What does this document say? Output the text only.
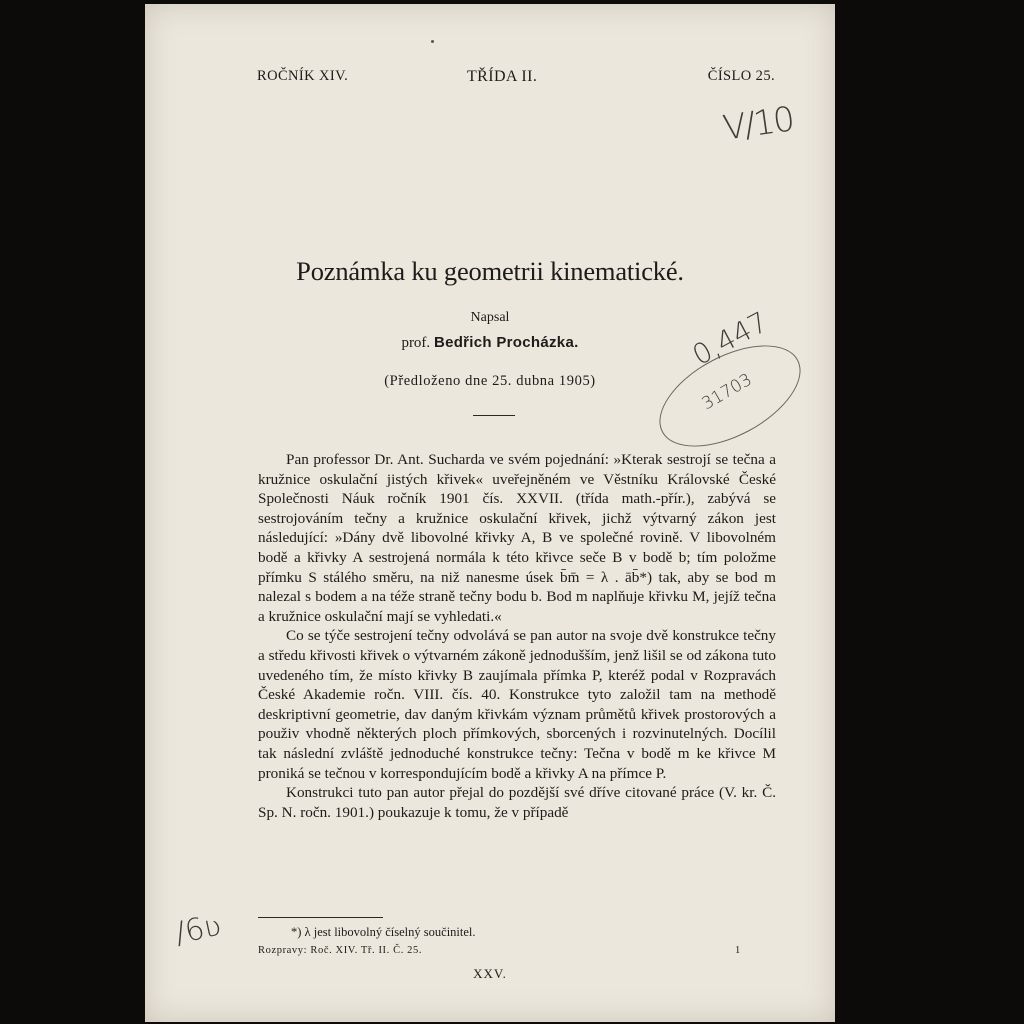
ROČNÍK XIV.	TŘÍDA II.	ČÍSLO 25.
V/10
0,447
31703
/6ʋ
Poznámka ku geometrii kinematické.
Napsal
prof. Bedřich Procházka.
(Předloženo dne 25. dubna 1905)

Pan professor Dr. Ant. Sucharda ve svém pojednání: »Kterak sestrojí se tečna a kružnice oskulační jistých křivek« uveřejněném ve Věstníku Královské České Společnosti Náuk ročník 1901 čís. XXVII. (třída math.-přír.), zabývá se sestrojováním tečny a kružnice oskulační křivek, jichž výtvarný zákon jest následující: »Dány dvě libovolné křivky A, B ve společné rovině. V libovolném bodě a křivky A sestrojená normála k této křivce seče B v bodě b; tím položme přímku S stálého směru, na niž nanesme úsek b̄m̄ = λ . āb̄*) tak, aby se bod m nalezal s bodem a na téže straně tečny bodu b. Bod m naplňuje křivku M, jejíž tečna a kružnice oskulační mají se vyhledati.«

Co se týče sestrojení tečny odvolává se pan autor na svoje dvě konstrukce tečny a středu křivosti křivek o výtvarném zákoně jednodušším, jenž lišil se od zákona tuto uvedeného tím, že místo křivky B zaujímala přímka P, kteréž podal v Rozpravách České Akademie ročn. VIII. čís. 40. Konstrukce tyto založil tam na methodě deskriptivní geometrie, dav daným křivkám význam průmětů křivek prostorových a použiv vhodně některých ploch přímkových, sborcených i rozvinutelných. Docílil tak následní zvláště jednoduché konstrukce tečny: Tečna v bodě m ke křivce M proniká se tečnou v korrespondujícím bodě a křivky A na přímce P.

Konstrukci tuto pan autor přejal do pozdější své dříve citované práce (V. kr. Č. Sp. N. ročn. 1901.) poukazuje k tomu, že v případě

*) λ jest libovolný číselný součinitel.
Rozpravy: Roč. XIV. Tř. II. Č. 25.	1
XXV.
